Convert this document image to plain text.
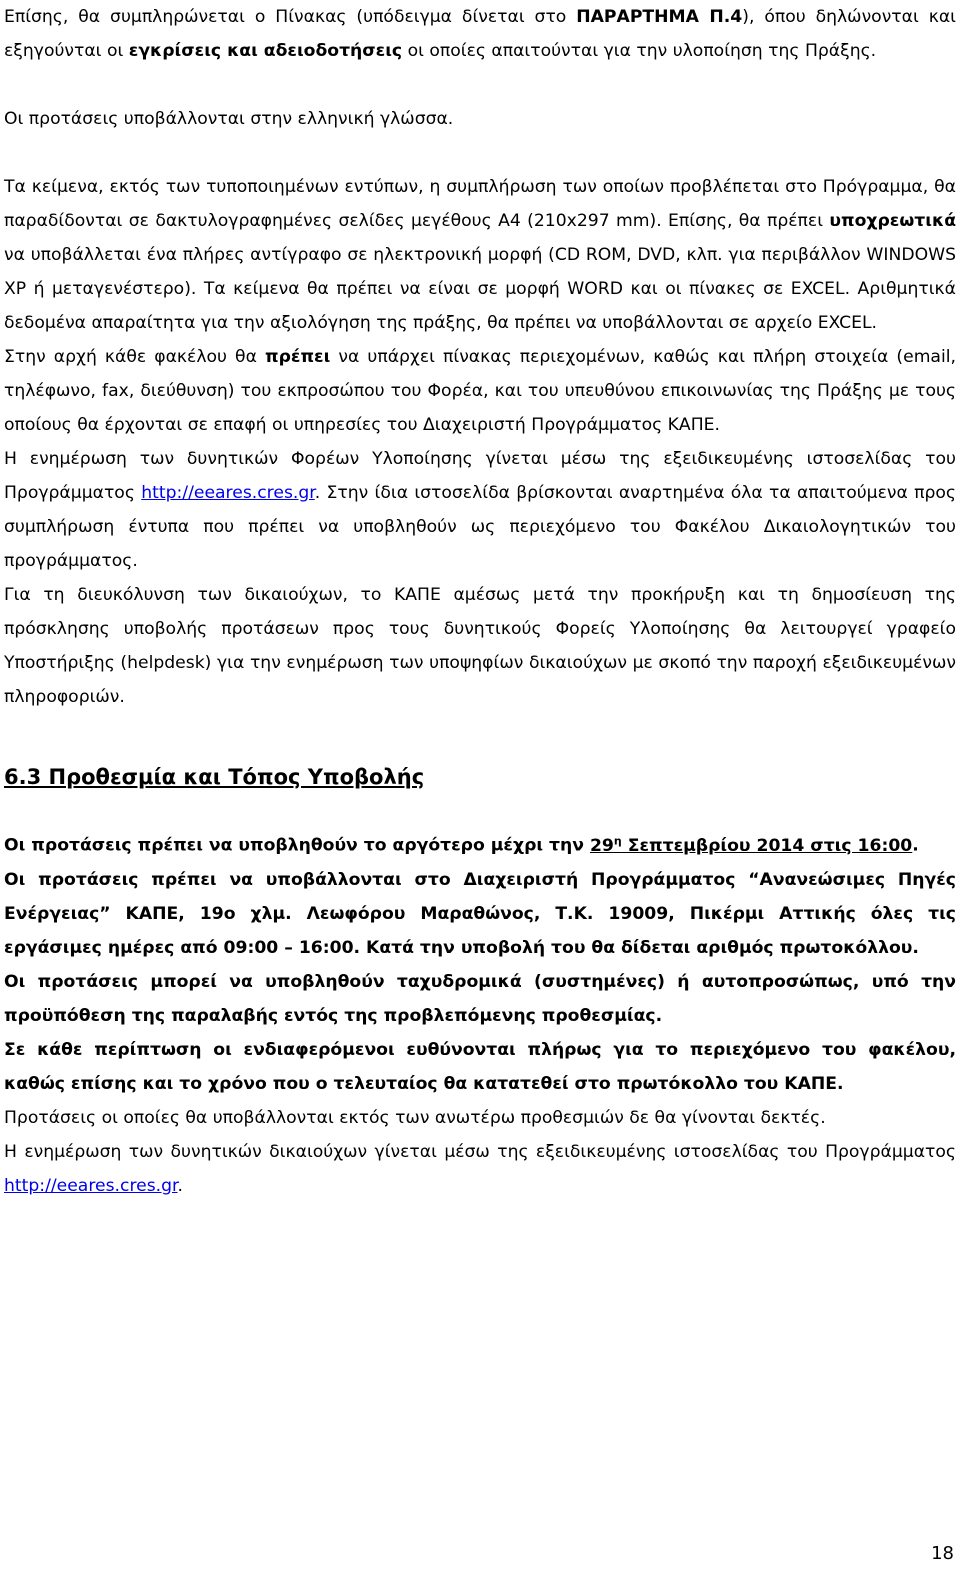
Επίσης, θα συμπληρώνεται ο Πίνακας (υπόδειγμα δίνεται στο ΠΑΡΑΡΤΗΜΑ Π.4), όπου δηλώνονται και εξηγούνται οι εγκρίσεις και αδειοδοτήσεις οι οποίες απαιτούνται για την υλοποίηση της Πράξης.

Οι προτάσεις υποβάλλονται στην ελληνική γλώσσα.

Τα κείμενα, εκτός των τυποποιημένων εντύπων, η συμπλήρωση των οποίων προβλέπεται στο Πρόγραμμα, θα παραδίδονται σε δακτυλογραφημένες σελίδες μεγέθους Α4 (210x297 mm). Επίσης, θα πρέπει υποχρεωτικά να υποβάλλεται ένα πλήρες αντίγραφο σε ηλεκτρονική μορφή (CD ROM, DVD, κλπ. για περιβάλλον WINDOWS XP ή μεταγενέστερο). Τα κείμενα θα πρέπει να είναι σε μορφή WORD και οι πίνακες σε EXCEL. Αριθμητικά δεδομένα απαραίτητα για την αξιολόγηση της πράξης, θα πρέπει να υποβάλλονται σε αρχείο EXCEL.

Στην αρχή κάθε φακέλου θα πρέπει να υπάρχει πίνακας περιεχομένων, καθώς και πλήρη στοιχεία (email, τηλέφωνο, fax, διεύθυνση) του εκπροσώπου του Φορέα, και του υπευθύνου επικοινωνίας της Πράξης με τους οποίους θα έρχονται σε επαφή οι υπηρεσίες του Διαχειριστή Προγράμματος ΚΑΠΕ.

Η ενημέρωση των δυνητικών Φορέων Υλοποίησης γίνεται μέσω της εξειδικευμένης ιστοσελίδας του Προγράμματος http://eeares.cres.gr. Στην ίδια ιστοσελίδα βρίσκονται αναρτημένα όλα τα απαιτούμενα προς συμπλήρωση έντυπα που πρέπει να υποβληθούν ως περιεχόμενο του Φακέλου Δικαιολογητικών του προγράμματος.

Για τη διευκόλυνση των δικαιούχων, το ΚΑΠΕ αμέσως μετά την προκήρυξη και τη δημοσίευση της πρόσκλησης υποβολής προτάσεων προς τους δυνητικούς Φορείς Υλοποίησης θα λειτουργεί γραφείο Υποστήριξης (helpdesk) για την ενημέρωση των υποψηφίων δικαιούχων με σκοπό την παροχή εξειδικευμένων πληροφοριών.

6.3 Προθεσμία και Τόπος Υποβολής

Οι προτάσεις πρέπει να υποβληθούν το αργότερο μέχρι την $29^\eta$ Σεπτεμβρίου 2014 στις 16:00.

Οι προτάσεις πρέπει να υποβάλλονται στο Διαχειριστή Προγράμματος “Ανανεώσιμες Πηγές Ενέργειας” ΚΑΠΕ, 19ο χλμ. Λεωφόρου Μαραθώνος, Τ.Κ. 19009, Πικέρμι Αττικής όλες τις εργάσιμες ημέρες από 09:00 – 16:00. Κατά την υποβολή του θα δίδεται αριθμός πρωτοκόλλου.

Οι προτάσεις μπορεί να υποβληθούν ταχυδρομικά (συστημένες) ή αυτοπροσώπως, υπό την προϋπόθεση της παραλαβής εντός της προβλεπόμενης προθεσμίας.

Σε κάθε περίπτωση οι ενδιαφερόμενοι ευθύνονται πλήρως για το περιεχόμενο του φακέλου, καθώς επίσης και το χρόνο που ο τελευταίος θα κατατεθεί στο πρωτόκολλο του ΚΑΠΕ.

Προτάσεις οι οποίες θα υποβάλλονται εκτός των ανωτέρω προθεσμιών δε θα γίνονται δεκτές.

Η ενημέρωση των δυνητικών δικαιούχων γίνεται μέσω της εξειδικευμένης ιστοσελίδας του Προγράμματος http://eeares.cres.gr.

18
